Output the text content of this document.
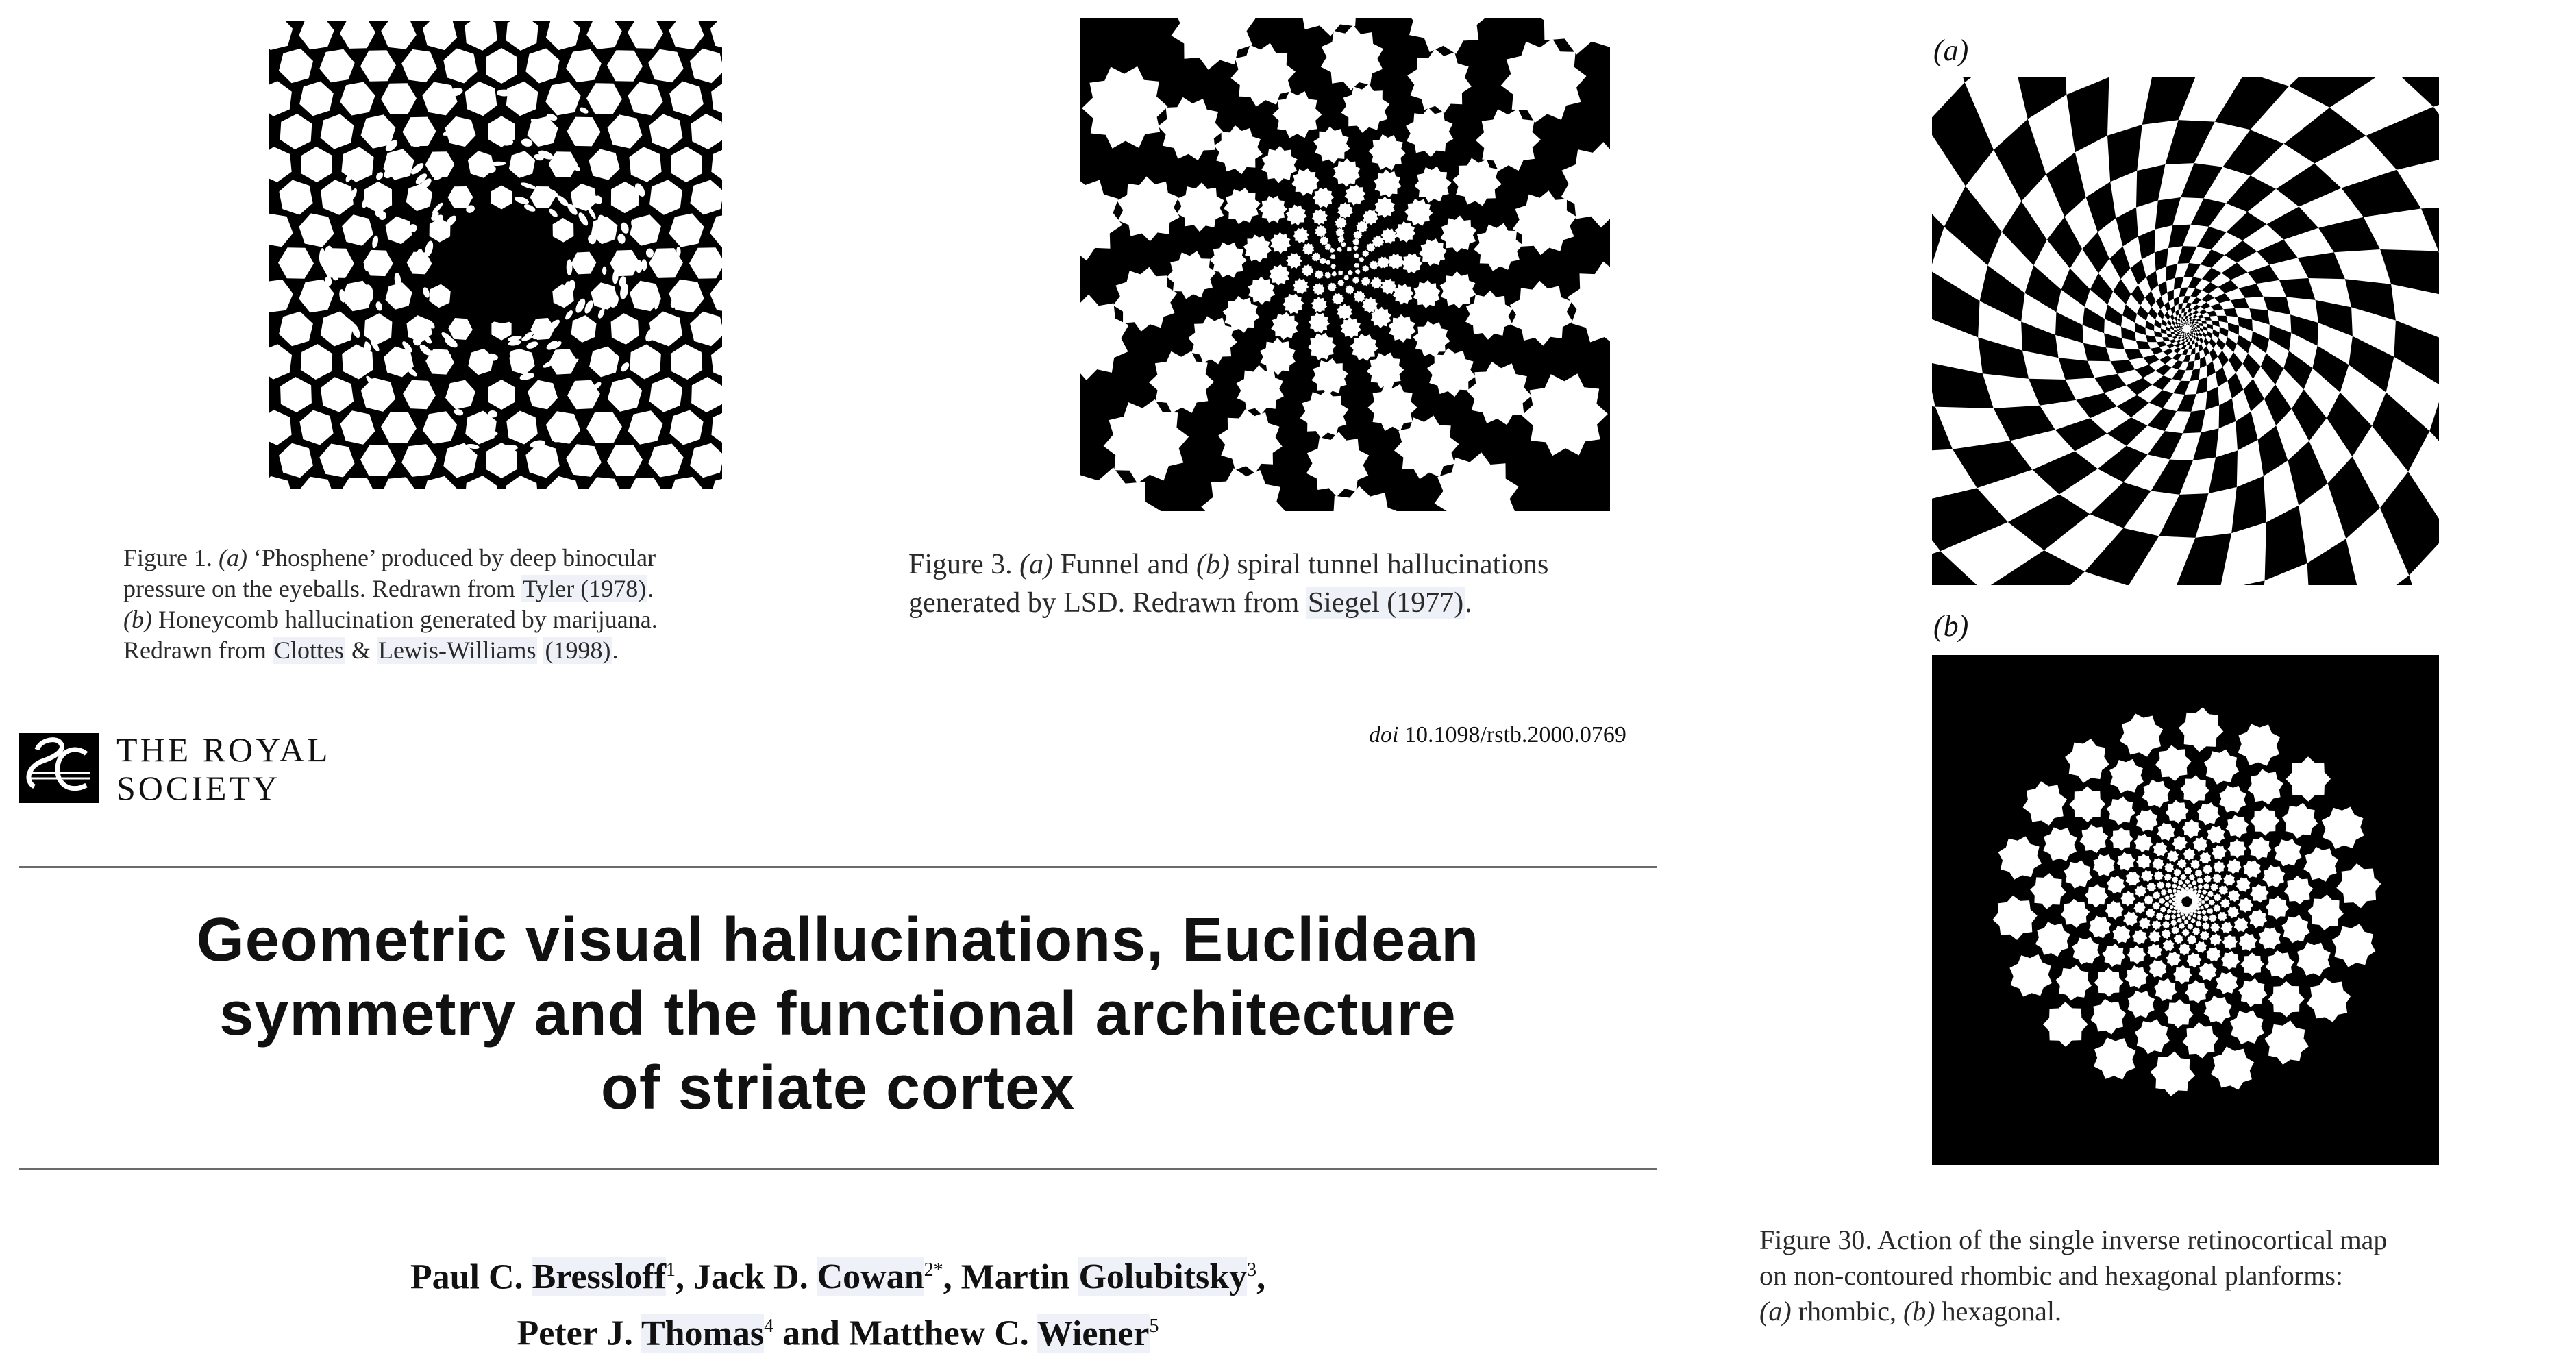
Figure 1. (a) ‘Phosphene’ produced by deep binocular
pressure on the eyeballs. Redrawn from Tyler (1978).
(b) Honeycomb hallucination generated by marijuana.
Redrawn from Clottes & Lewis-Williams (1998).
Figure 3. (a) Funnel and (b) spiral tunnel hallucinations
generated by LSD. Redrawn from Siegel (1977).
(a)
(b)
Figure 30. Action of the single inverse retinocortical map
on non-contoured rhombic and hexagonal planforms:
(a) rhombic, (b) hexagonal.
THE ROYAL
SOCIETY
doi 10.1098/rstb.2000.0769
Geometric visual hallucinations, Euclidean
symmetry and the functional architecture
of striate cortex
Paul C. Bressloff$^1$, Jack D. Cowan$^{2*}$, Martin Golubitsky$^3$,
Peter J. Thomas$^4$ and Matthew C. Wiener$^5$
